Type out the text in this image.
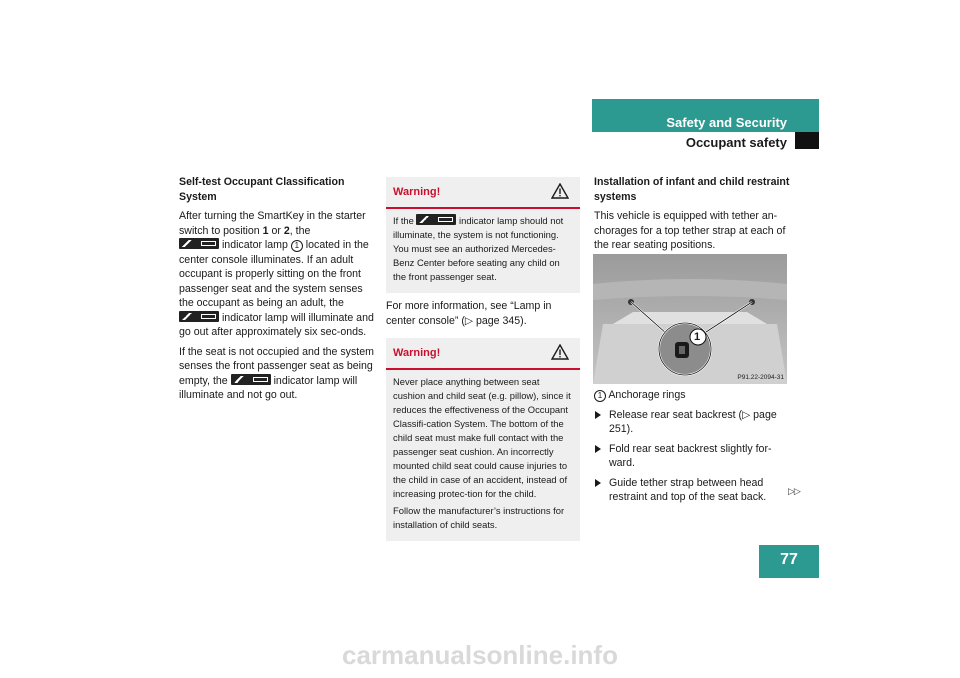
Safety and Security
Occupant safety
77

Self-test Occupant Classification System

After turning the SmartKey in the starter switch to position 1 or 2, the
indicator lamp 1 located in the center console illuminates. If an adult occupant is properly sitting on the front passenger seat and the system senses the occupant as being an adult, the
indicator lamp will illuminate and go out after approximately six sec-onds.

If the seat is not occupied and the system senses the front passenger seat as being empty, the	indicator lamp will illuminate and not go out.

Warning!

If the	indicator lamp should not illuminate, the system is not functioning. You must see an authorized Mercedes-Benz Center before seating any child on the front passenger seat.

For more information, see “Lamp in center console” (▷ page 345).

Warning!

Never place anything between seat cushion and child seat (e.g. pillow), since it reduces the effectiveness of the Occupant Classifi-cation System. The bottom of the child seat must make full contact with the passenger seat cushion. An incorrectly mounted child seat could cause injuries to the child in case of an accident, instead of increasing protec-tion for the child.

Follow the manufacturer’s instructions for installation of child seats.

Installation of infant and child restraint systems

This vehicle is equipped with tether an-chorages for a top tether strap at each of the rear seating positions.

1
P91.22-2094-31

1 Anchorage rings

Release rear seat backrest (▷ page 251).

Fold rear seat backrest slightly for-ward.

Guide tether strap between head restraint and top of the seat back.	▷▷
carmanualsonline.info
